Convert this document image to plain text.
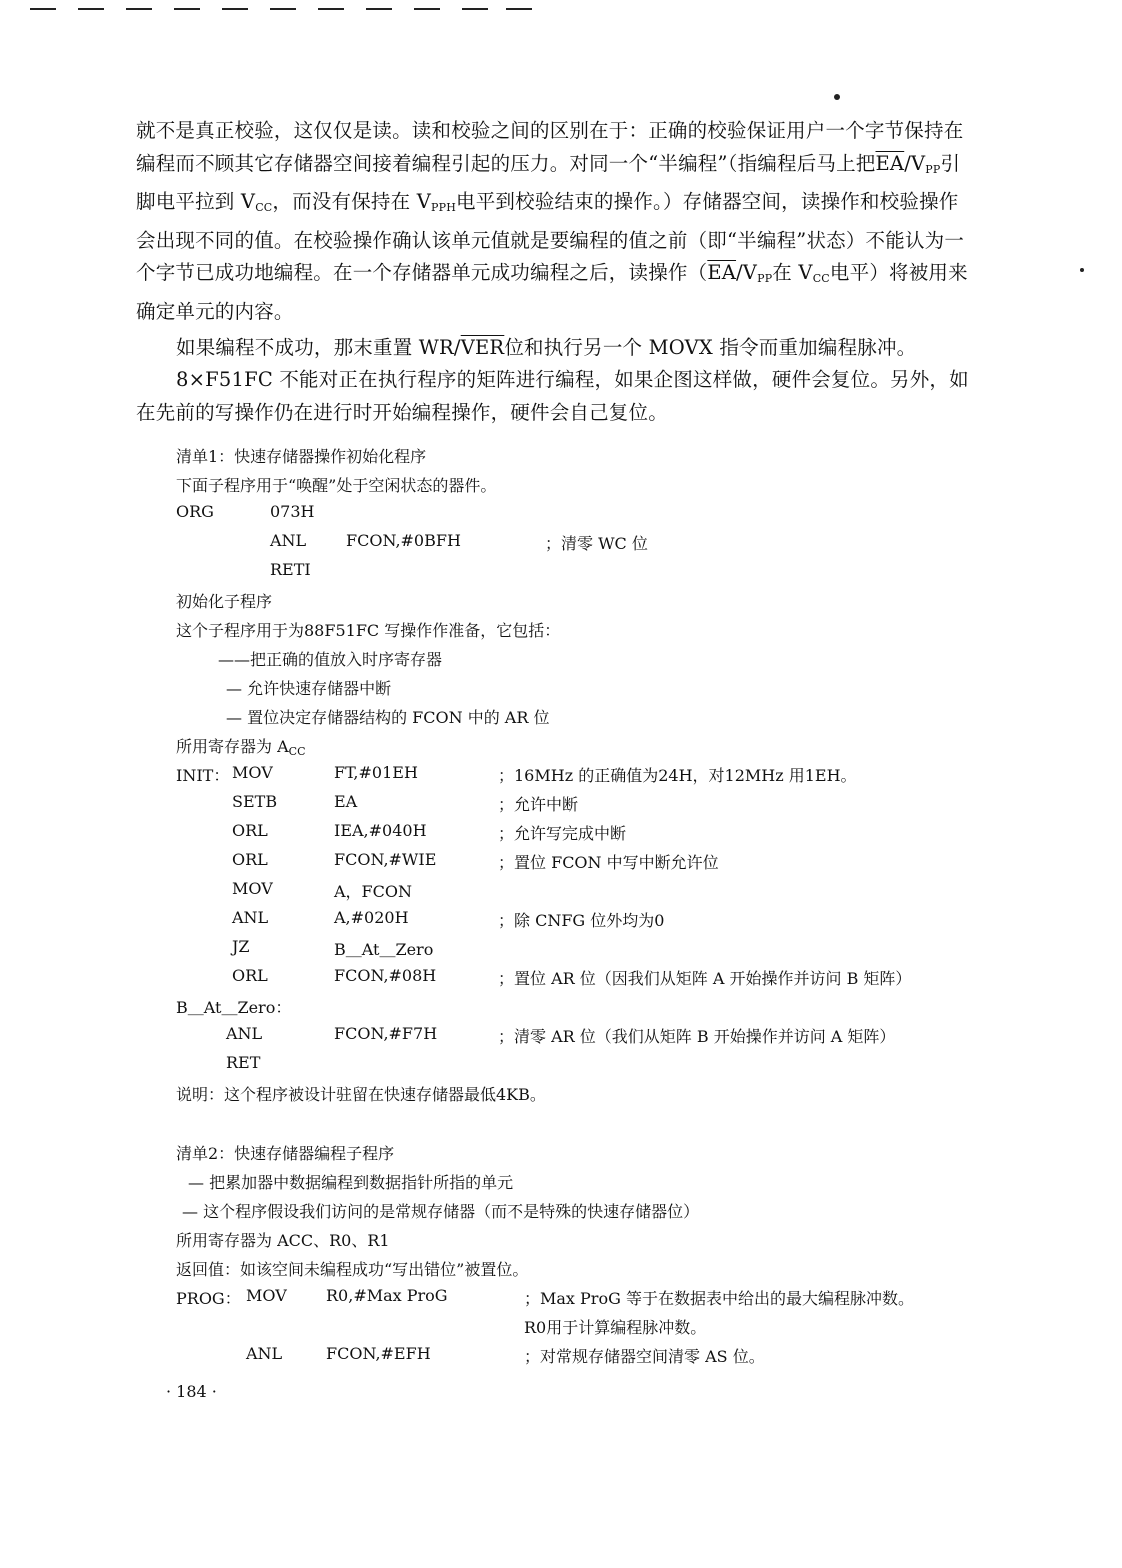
就不是真正校验，这仅仅是读。读和校验之间的区别在于：正确的校验保证用户一个字节保持在编程而不顾其它存储器空间接着编程引起的压力。对同一个“半编程”（指编程后马上把$\overline{EA}/V_{PP}$引脚电平拉到 $V_{CC}$，而没有保持在 $V_{PPH}$电平到校验结束的操作。）存储器空间，读操作和校验操作会出现不同的值。在校验操作确认该单元值就是要编程的值之前（即“半编程”状态）不能认为一个字节已成功地编程。在一个存储器单元成功编程之后，读操作（$\overline{EA}/V_{PP}$在 $V_{CC}$电平）将被用来确定单元的内容。

如果编程不成功，那末重置 $WR/\overline{VER}$位和执行另一个 MOVX 指令而重加编程脉冲。

8×F51FC 不能对正在执行程序的矩阵进行编程，如果企图这样做，硬件会复位。另外，如在先前的写操作仍在进行时开始编程操作，硬件会自己复位。

清单1：快速存储器操作初始化程序
下面子程序用于“唤醒”处于空闲状态的器件。
ORG	073H
ANL FCON,#0BFH	；清零 WC 位
RETI
初始化子程序
这个子程序用于为88F51FC 写操作作准备，它包括：
——把正确的值放入时序寄存器
— 允许快速存储器中断
— 置位决定存储器结构的 FCON 中的 AR 位
所用寄存器为 $A_{CC}$
INIT： MOV	FT,#01EH	；16MHz 的正确值为24H，对12MHz 用1EH。
SETB	EA	；允许中断
ORL	IEA,#040H	；允许写完成中断
ORL	FCON,#WIE	；置位 FCON 中写中断允许位
MOV	A，FCON
ANL	A,#020H	；除 CNFG 位外均为0
JZ	B＿At＿Zero
ORL	FCON,#08H	；置位 AR 位（因我们从矩阵 A 开始操作并访问 B 矩阵）
B＿At＿Zero：
ANL	FCON,#F7H	；清零 AR 位（我们从矩阵 B 开始操作并访问 A 矩阵）
RET
说明：这个程序被设计驻留在快速存储器最低4KB。
清单2：快速存储器编程子程序
— 把累加器中数据编程到数据指针所指的单元
— 这个程序假设我们访问的是常规存储器（而不是特殊的快速存储器位）
所用寄存器为 ACC、R0、R1
返回值：如该空间未编程成功“写出错位”被置位。
PROG： MOV R0,#Max ProG	；Max ProG 等于在数据表中给出的最大编程脉冲数。
R0用于计算编程脉冲数。
ANL	FCON,#EFH	；对常规存储器空间清零 AS 位。
· 184 ·
